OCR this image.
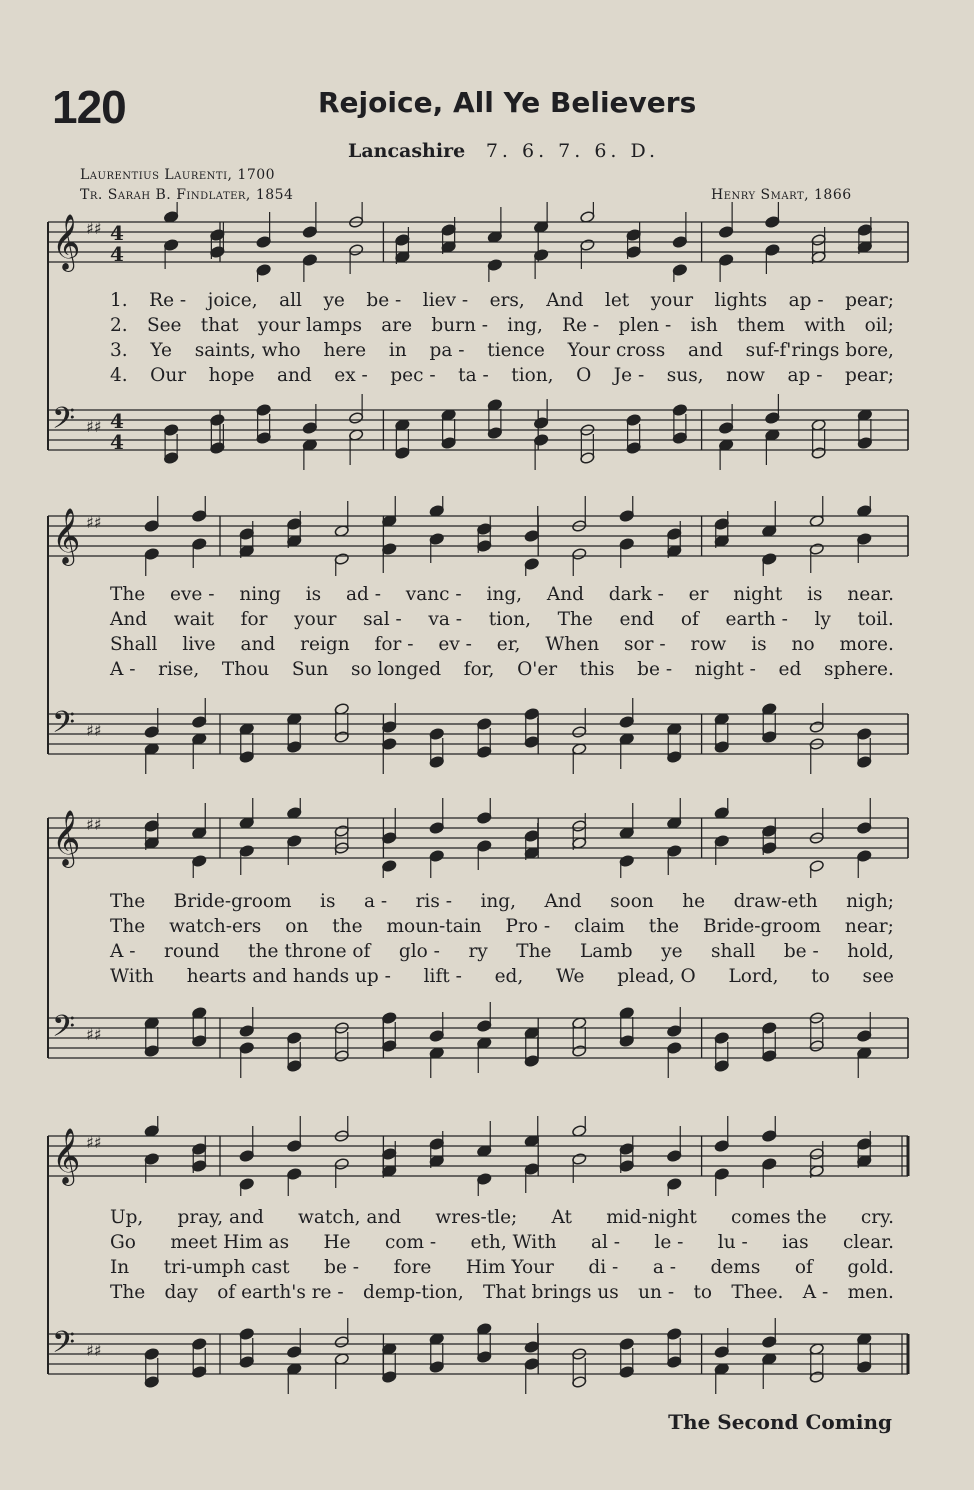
120	Rejoice, All Ye Believers
Lancashire 7. 6. 7. 6. D.
Laurentius Laurenti, 1700
Tr. Sarah B. Findlater, 1854	Henry Smart, 1866
𝄞 ♯♯ 4
4
𝄢 ♯♯ 4
4
1. Re - joice, all ye be - liev - ers, And let your lights ap - pear;
2. See that your lamps are burn - ing, Re - plen - ish them with oil;
3. Ye saints, who here in pa - tience Your cross and suf-f'rings bore,
4. Our hope and ex - pec - ta - tion, O Je - sus, now ap - pear;
𝄞 ♯♯
𝄢 ♯♯
The eve - ning is ad - vanc - ing, And dark - er night is near.
And wait for your sal - va - tion, The end of earth - ly toil.
Shall live and reign for - ev - er, When sor - row is no more.
A - rise, Thou Sun so longed for, O'er this be - night - ed sphere.
𝄞 ♯♯
𝄢 ♯♯
The Bride-groom is a - ris - ing, And soon he draw-eth nigh;
The watch-ers on the moun-tain Pro - claim the Bride-groom near;
A - round the throne of glo - ry The Lamb ye shall be - hold,
With hearts and hands up - lift - ed, We plead, O Lord, to see
𝄞 ♯♯
𝄢 ♯♯
Up, pray, and watch, and wres-tle; At mid-night comes the cry.
Go meet Him as He com - eth, With al - le - lu - ias clear.
In tri-umph cast be - fore Him Your di - a - dems of gold.
The day of earth's re - demp-tion, That brings us un - to Thee. A - men.
The Second Coming
